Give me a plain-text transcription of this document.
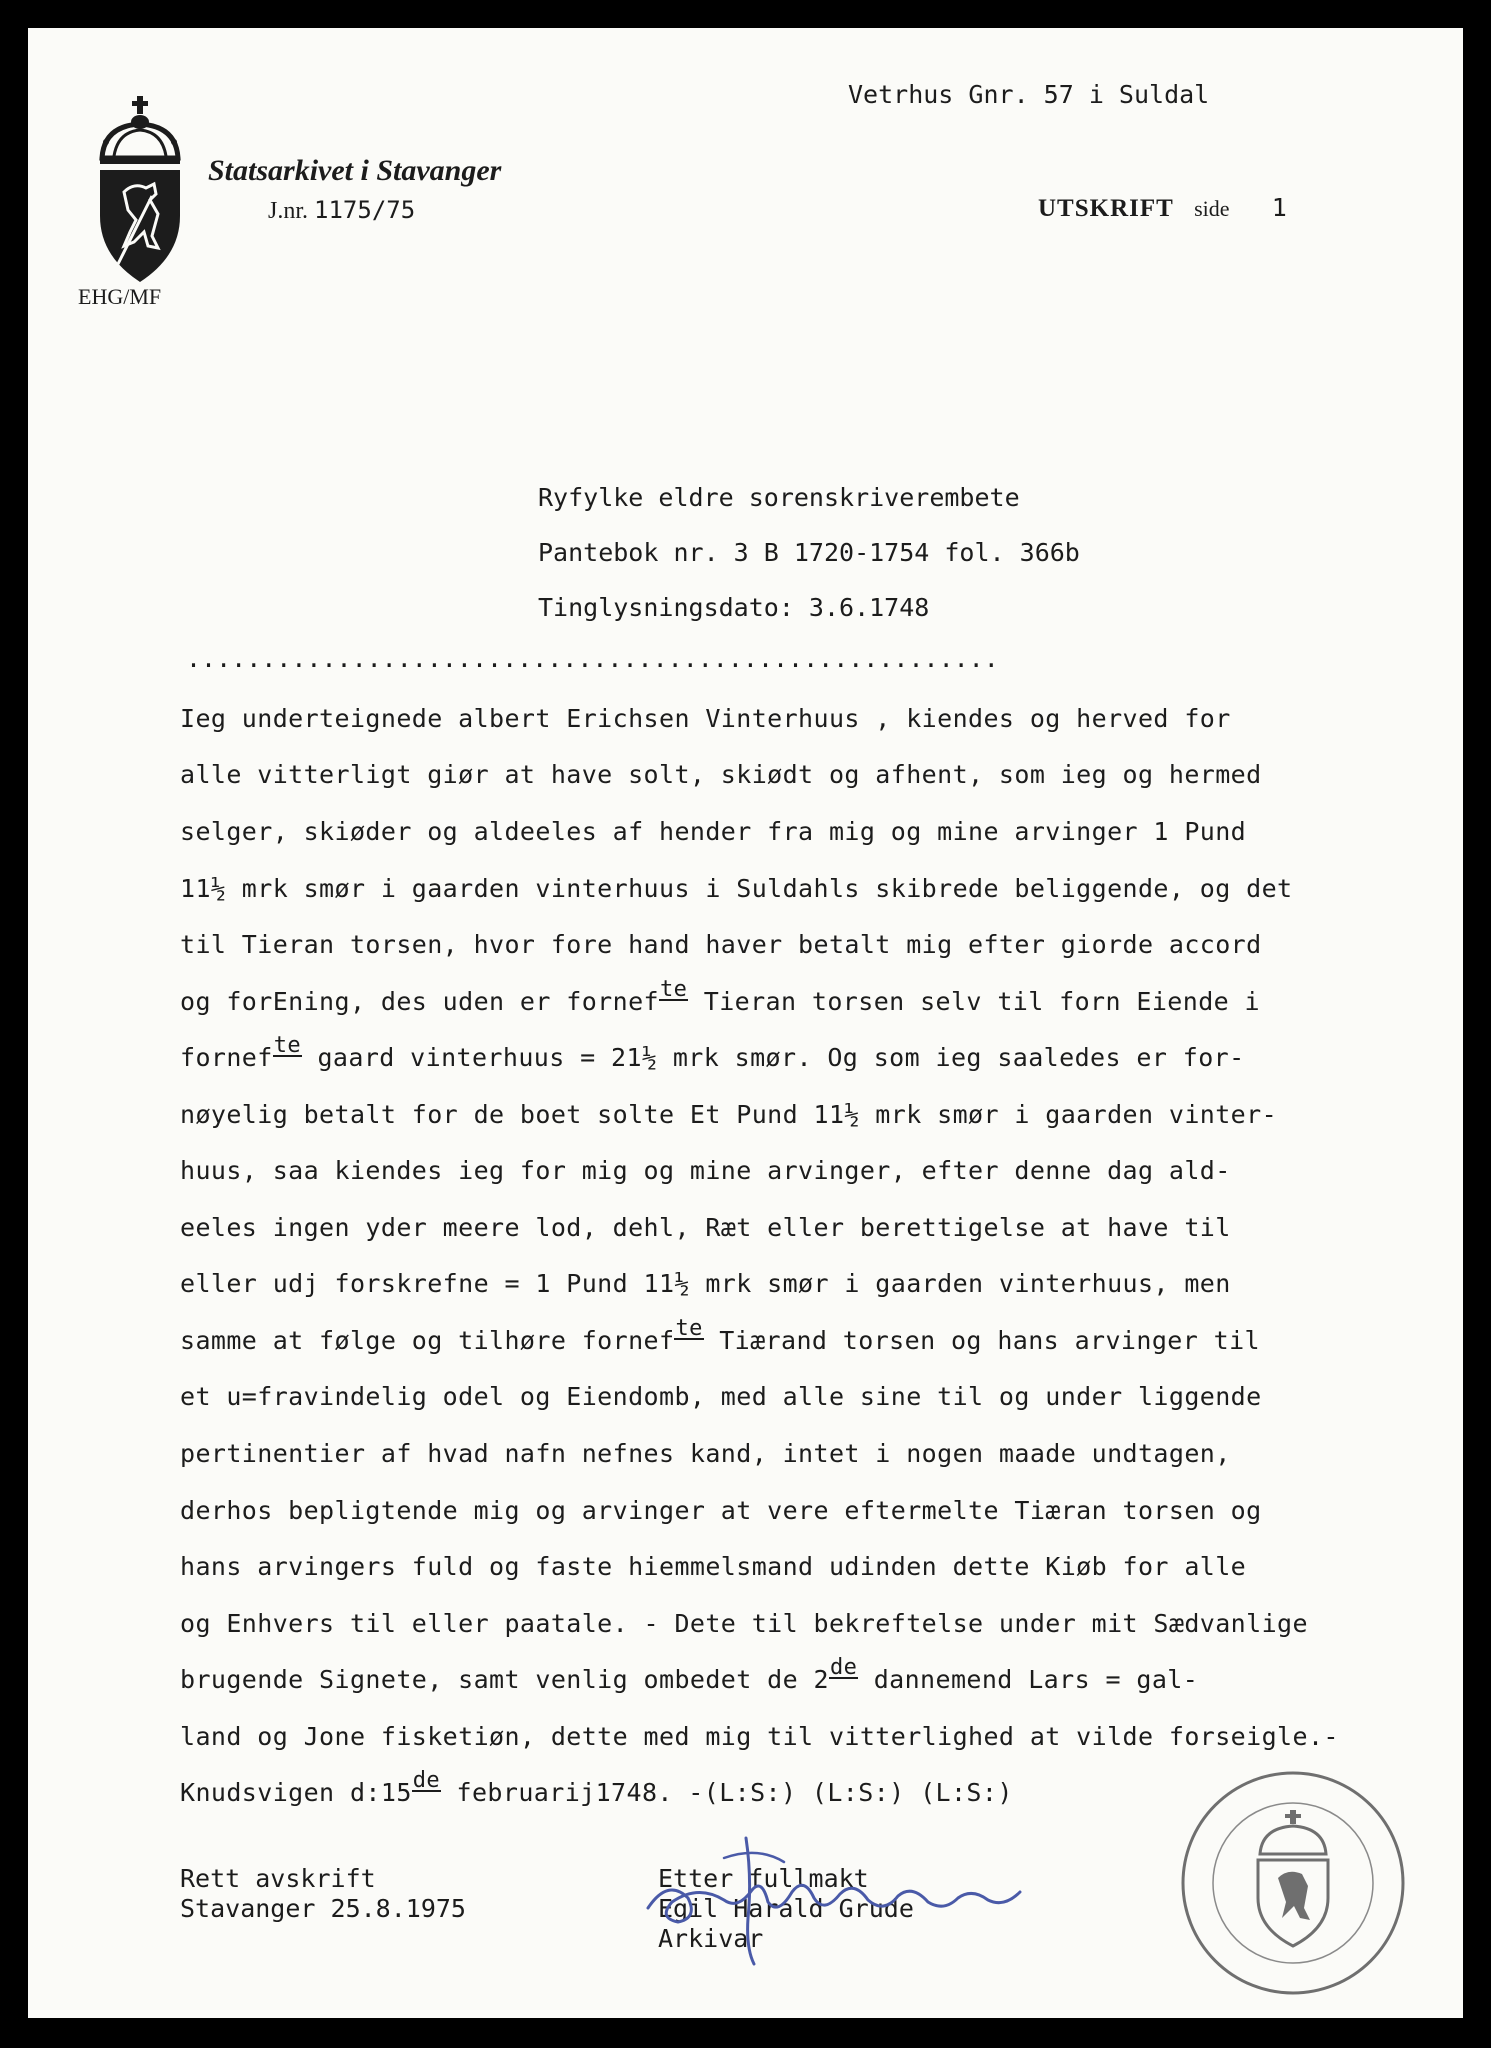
Statsarkivet i Stavanger
J.nr. 1175/75
EHG/MF
Vetrhus Gnr. 57 i Suldal
UTSKRIFT side 1
Ryfylke eldre sorenskriverembete
Pantebok nr. 3 B 1720-1754 fol. 366b
Tinglysningsdato: 3.6.1748
......................................................
Ieg underteignede albert Erichsen Vinterhuus , kiendes og herved for
alle vitterligt giør at have solt, skiødt og afhent, som ieg og hermed
selger, skiøder og aldeeles af hender fra mig og mine arvinger 1 Pund
11½ mrk smør i gaarden vinterhuus i Suldahls skibrede beliggende, og det
til Tieran torsen, hvor fore hand haver betalt mig efter giorde accord
og forEning, des uden er fornefte Tieran torsen selv til forn Eiende i
fornefte gaard vinterhuus = 21½ mrk smør. Og som ieg saaledes er for-
nøyelig betalt for de boet solte Et Pund 11½ mrk smør i gaarden vinter-
huus, saa kiendes ieg for mig og mine arvinger, efter denne dag ald-
eeles ingen yder meere lod, dehl, Ræt eller berettigelse at have til
eller udj forskrefne = 1 Pund 11½ mrk smør i gaarden vinterhuus, men
samme at følge og tilhøre fornefte Tiærand torsen og hans arvinger til
et u=fravindelig odel og Eiendomb, med alle sine til og under liggende
pertinentier af hvad nafn nefnes kand, intet i nogen maade undtagen,
derhos bepligtende mig og arvinger at vere eftermelte Tiæran torsen og
hans arvingers fuld og faste hiemmelsmand udinden dette Kiøb for alle
og Enhvers til eller paatale. - Dete til bekreftelse under mit Sædvanlige
brugende Signete, samt venlig ombedet de 2de dannemend Lars = gal-
land og Jone fisketiøn, dette med mig til vitterlighed at vilde forseigle.-
Knudsvigen d:15de februarij1748. -(L:S:) (L:S:) (L:S:)
Rett avskrift
Stavanger 25.8.1975
Etter fullmakt
Egil Harald Grude
Arkivar
